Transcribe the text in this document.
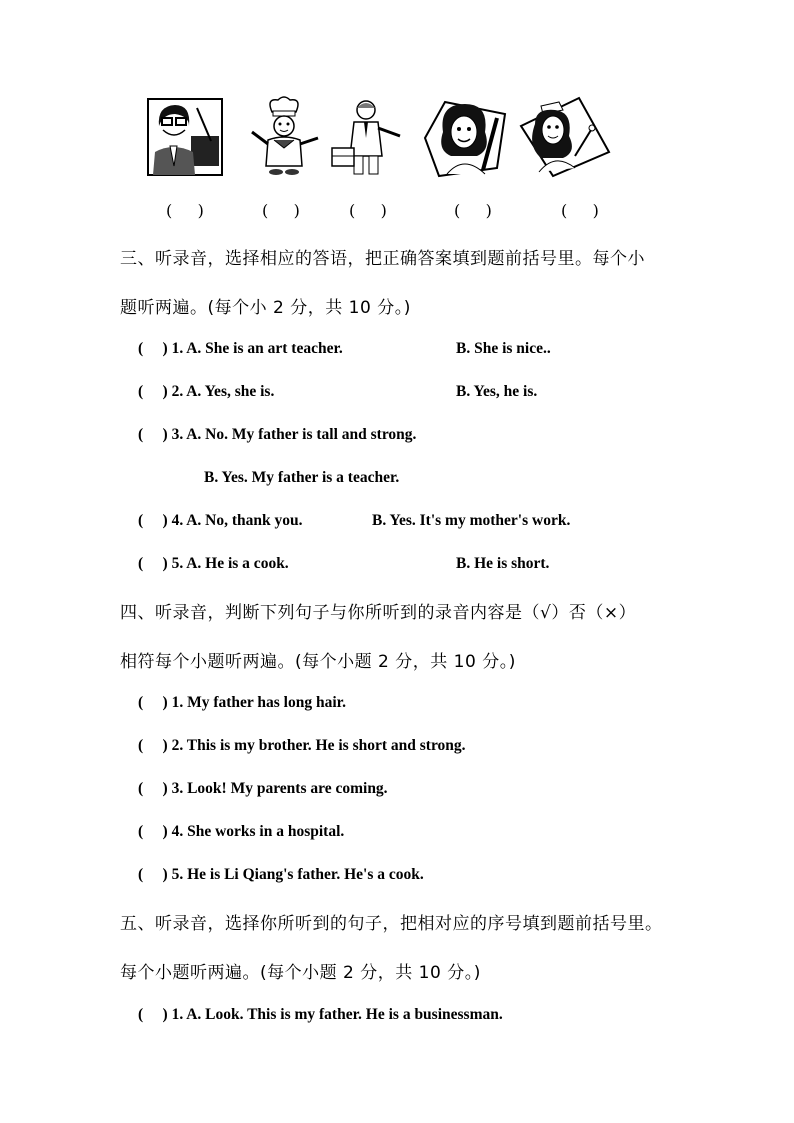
(     )	(     )	(     )	(     )	(     )
三、听录音，选择相应的答语，把正确答案填到题前括号里。每个小
题听两遍。(每个小 2 分，共 10 分。)
(     ) 1. A. She is an art teacher.	B. She is nice..
(     ) 2. A. Yes, she is.	B. Yes, he is.
(     ) 3. A. No. My father is tall and strong.
B. Yes. My father is a teacher.
(     ) 4. A. No, thank you.	B. Yes. It's my mother's work.
(     ) 5. A. He is a cook.	B. He is short.
四、听录音，判断下列句子与你所听到的录音内容是（√）否（×）
相符每个小题听两遍。(每个小题 2 分，共 10 分。)
(     ) 1. My father has long hair.
(     ) 2. This is my brother. He is short and strong.
(     ) 3. Look! My parents are coming.
(     ) 4. She works in a hospital.
(     ) 5. He is Li Qiang's father. He's a cook.
五、听录音，选择你所听到的句子，把相对应的序号填到题前括号里。
每个小题听两遍。(每个小题 2 分，共 10 分。)
(     ) 1. A. Look. This is my father. He is a businessman.
